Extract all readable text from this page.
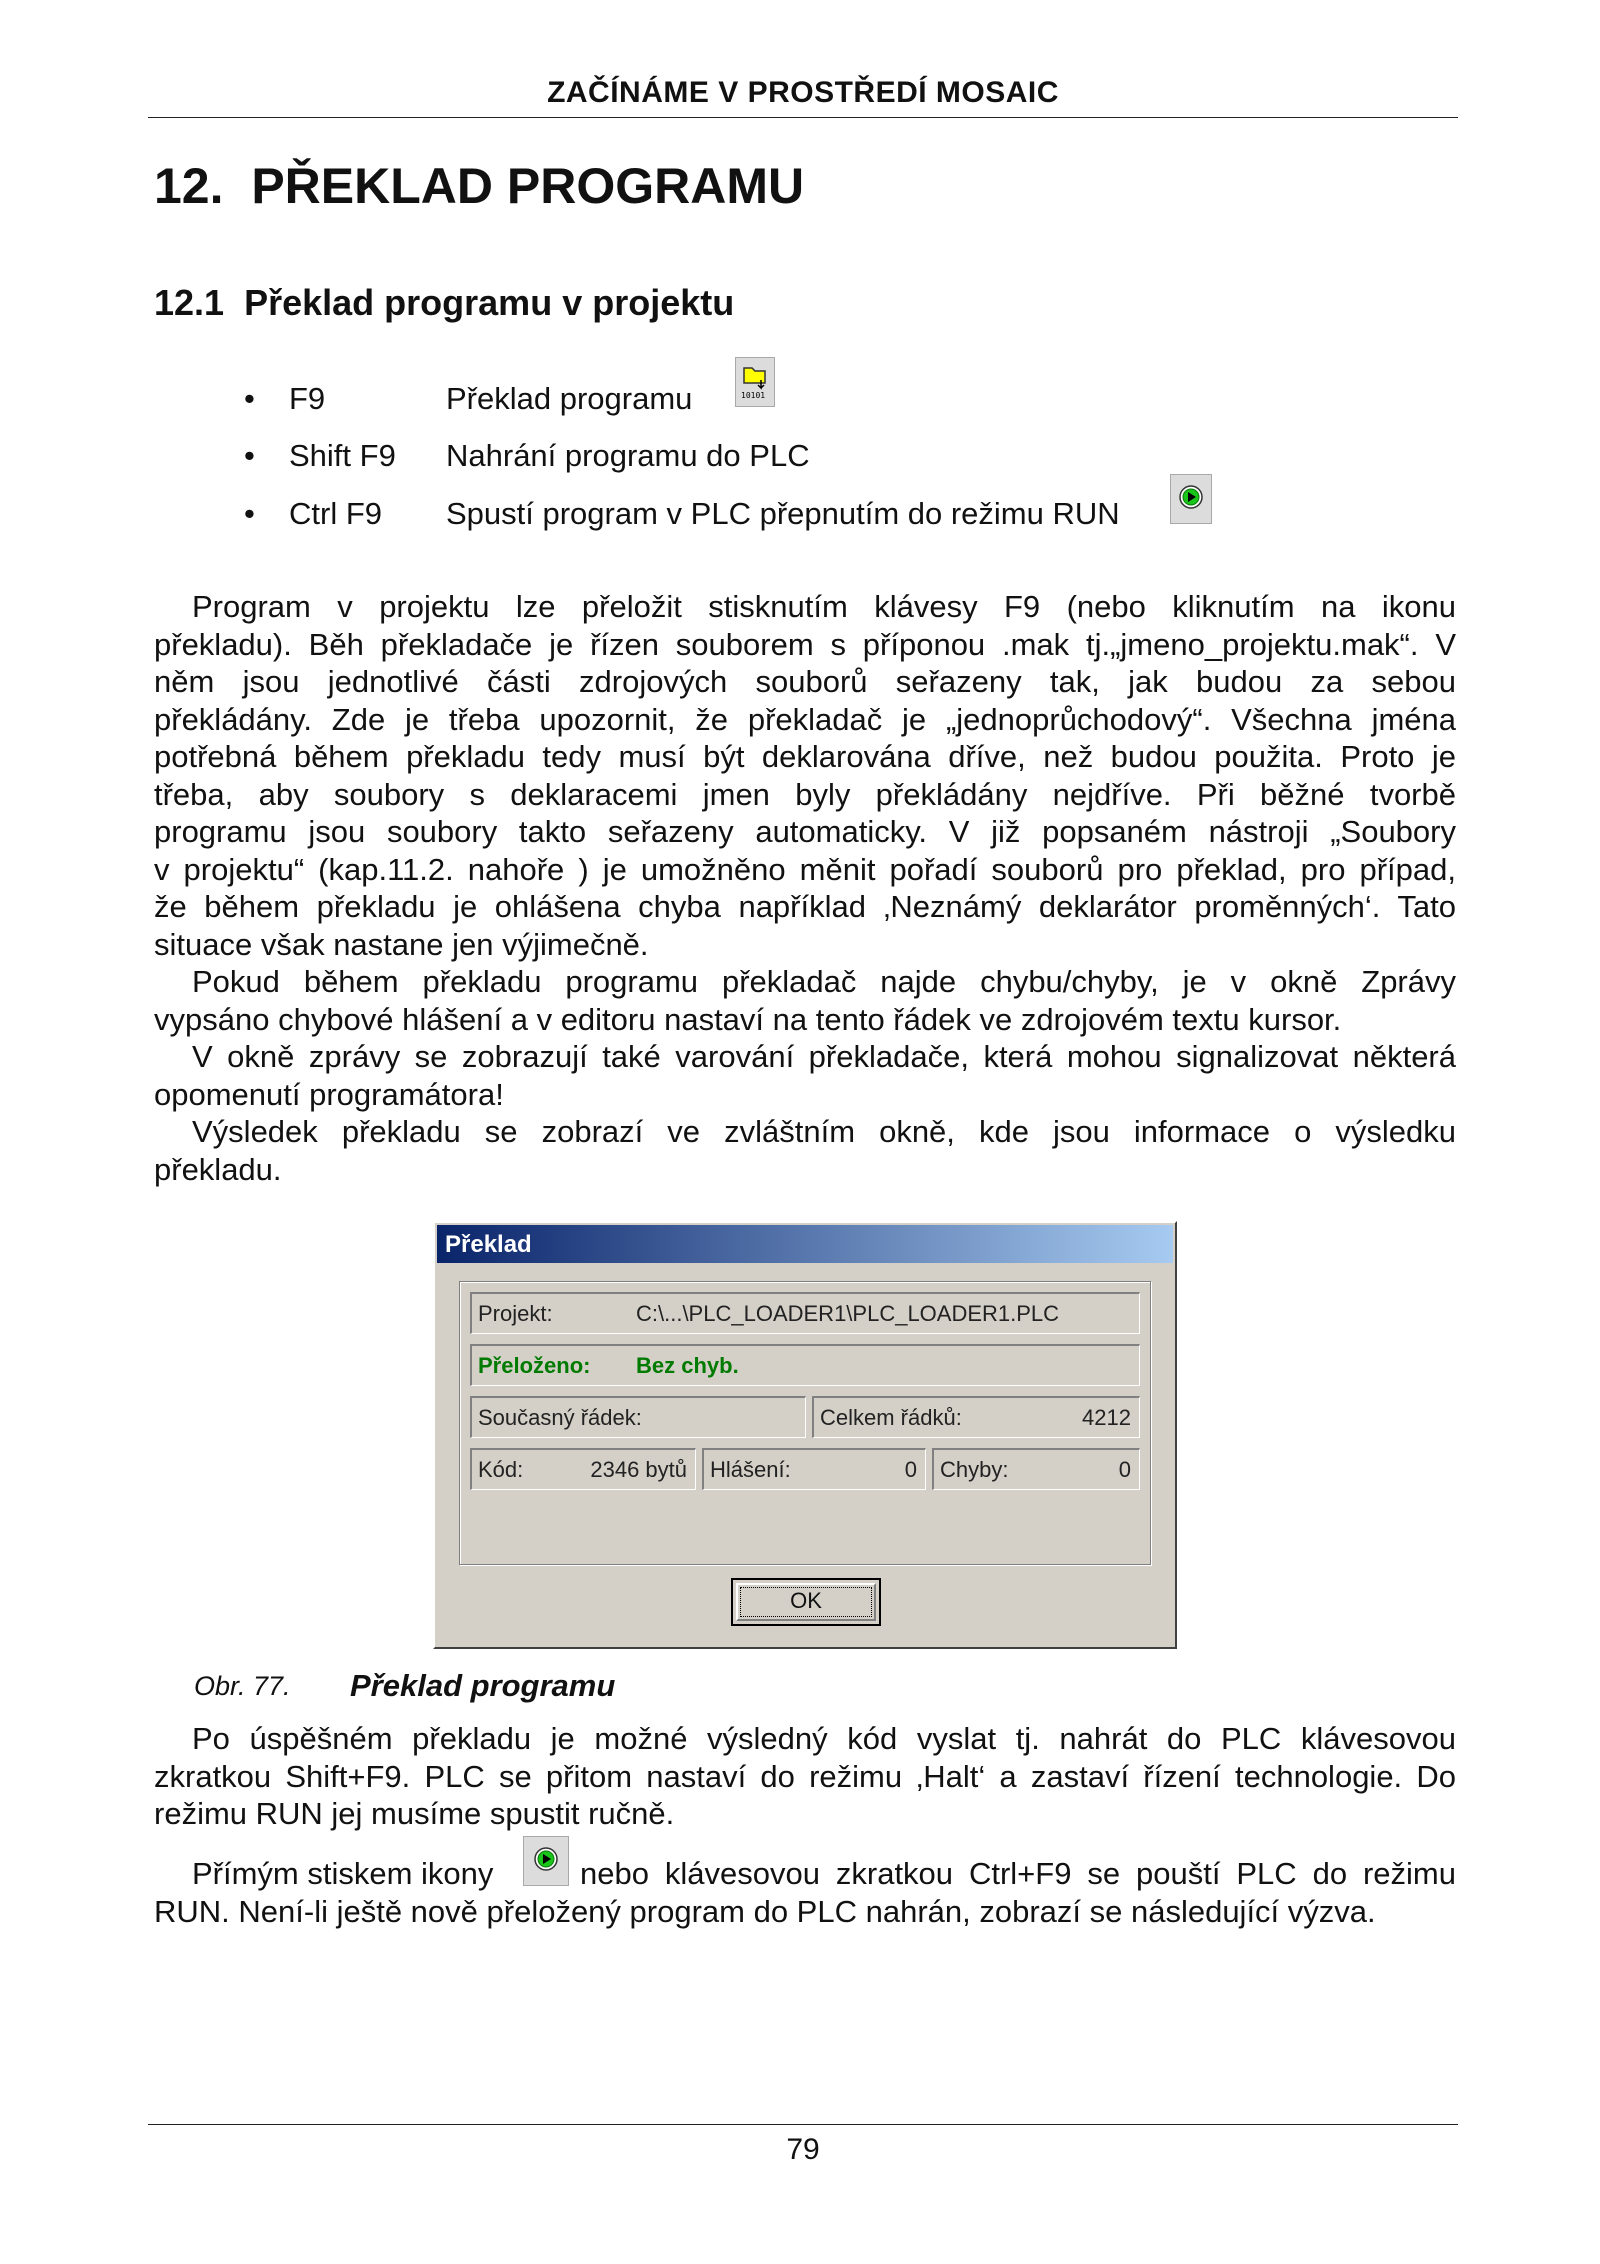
ZAČÍNÁME V PROSTŘEDÍ MOSAIC
12. PŘEKLAD PROGRAMU
12.1 Překlad programu v projektu
• F9	Překlad programu	10101
• Shift F9 Nahrání programu do PLC
• Ctrl F9 Spustí program v PLC přepnutím do režimu RUN
Program v projektu lze přeložit stisknutím klávesy F9 (nebo kliknutím na ikonu
překladu). Běh překladače je řízen souborem s příponou .mak tj.„jmeno_projektu.mak“. V
něm jsou jednotlivé části zdrojových souborů seřazeny tak, jak budou za sebou
překládány. Zde je třeba upozornit, že překladač je „jednoprůchodový“. Všechna jména
potřebná během překladu tedy musí být deklarována dříve, než budou použita. Proto je
třeba, aby soubory s deklaracemi jmen byly překládány nejdříve. Při běžné tvorbě
programu jsou soubory takto seřazeny automaticky. V již popsaném nástroji „Soubory
v projektu“ (kap.11.2. nahoře ) je umožněno měnit pořadí souborů pro překlad, pro případ,
že během překladu je ohlášena chyba například ‚Neznámý deklarátor proměnných‘. Tato
situace však nastane jen výjimečně.
Pokud během překladu programu překladač najde chybu/chyby, je v okně Zprávy
vypsáno chybové hlášení a v editoru nastaví na tento řádek ve zdrojovém textu kursor.
V okně zprávy se zobrazují také varování překladače, která mohou signalizovat některá
opomenutí programátora!
Výsledek překladu se zobrazí ve zvláštním okně, kde jsou informace o výsledku
překladu.
Překlad
Projekt:	C:\...\PLC_LOADER1\PLC_LOADER1.PLC
Přeloženo: Bez chyb.
Současný řádek:	Celkem řádků:	4212
Kód:	2346 bytů Hlášení:	0 Chyby:	0
OK
Obr. 77. Překlad programu
Po úspěšném překladu je možné výsledný kód vyslat tj. nahrát do PLC klávesovou
zkratkou Shift+F9. PLC se přitom nastaví do režimu ‚Halt‘ a zastaví řízení technologie. Do
režimu RUN jej musíme spustit ručně.
Přímým stiskem ikony	nebo klávesovou zkratkou Ctrl+F9 se pouští PLC do režimu
RUN. Není-li ještě nově přeložený program do PLC nahrán, zobrazí se následující výzva.
79
